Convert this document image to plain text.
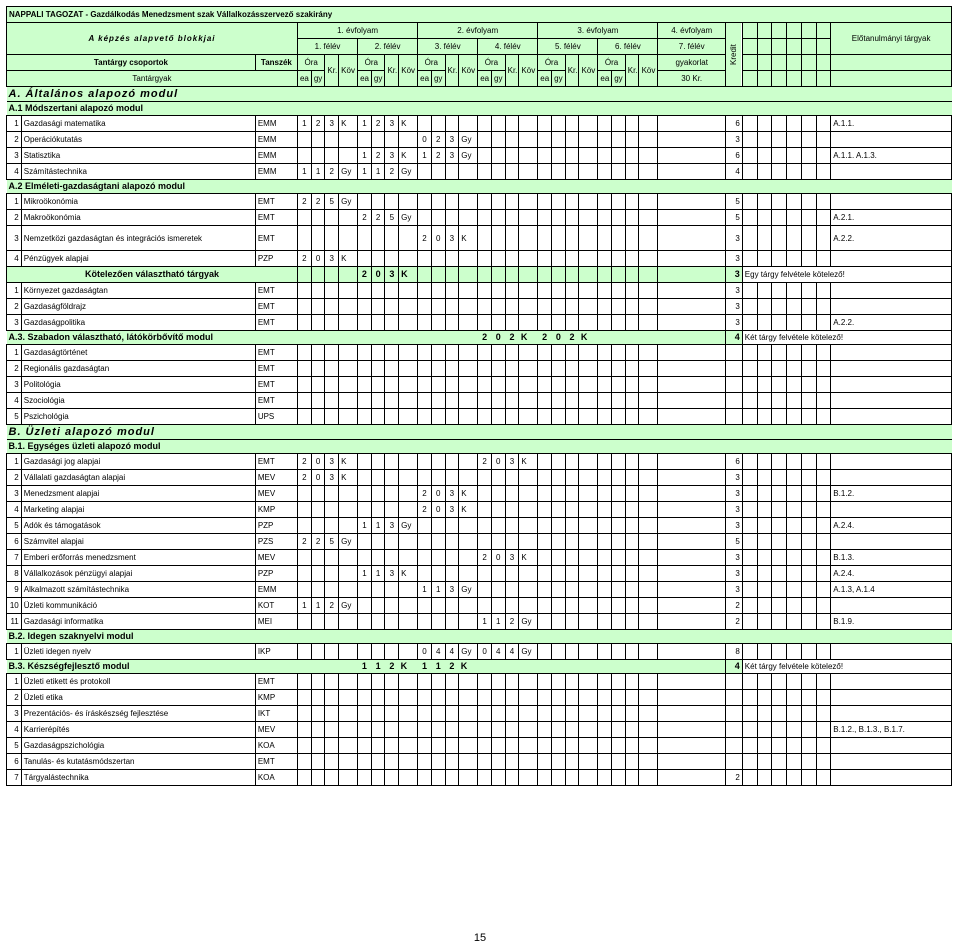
NAPPALI TAGOZAT - Gazdálkodás Menedzsment szak Vállalkozásszervező szakirány																																			
A képzés alapvető blokkjai			1. évfolyam								2. évfolyam								3. évfolyam								4. évfolyam	Kredit							Előtanulmányi tárgyak
			1. félév				2. félév				3. félév				4. félév				5. félév				6. félév				7. félév								
Tantárgy csoportok		Tanszék	Óra		Kr.	Köv	Óra		Kr.	Köv	Óra		Kr.	Köv	Óra		Kr.	Köv	Óra		Kr.	Köv	Óra		Kr.	Köv	gyakorlat								
Tantárgyak			ea	gy			ea	gy			ea	gy			ea	gy			ea	gy			ea	gy			30 Kr.								
A. Általános alapozó modul																																			
A.1 Módszertani alapozó modul																																			
1	Gazdasági matematika	EMM	1	2	3	K	1	2	3	K																		6							A.1.1.
2	Operációkutatás	EMM									0	2	3	Gy														3							
3	Statisztika	EMM					1	2	3	K	1	2	3	Gy														6							A.1.1. A.1.3.
4	Számítástechnika	EMM	1	1	2	Gy	1	1	2	Gy																		4							
A.2 Elméleti-gazdaságtani alapozó modul																																			
1	Mikroökonómia	EMT	2	2	5	Gy																						5							
2	Makroökonómia	EMT					2	2	5	Gy																		5							A.2.1.
3	Nemzetközi gazdaságtan és integrációs ismeretek	EMT									2	0	3	K														3							A.2.2.
4	Pénzügyek alapjai	PZP	2	0	3	K																						3							
Kötelezően választható tárgyak							2	0	3	K																		3	Egy tárgy felvétele kötelező!						
1	Környezet gazdaságtan	EMT																										3							
2	Gazdaságföldrajz	EMT																										3							
3	Gazdaságpolitika	EMT																										3							A.2.2.
A.3. Szabadon választható, látókörbővítő modul															2	0	2	K	2	0	2	K						4	Két tárgy felvétele kötelező!						
1	Gazdaságtörténet	EMT																																	
2	Regionális gazdaságtan	EMT																																	
3	Politológia	EMT																																	
4	Szociológia	EMT																																	
5	Pszichológia	UPS																																	
B. Üzleti alapozó modul																																			
B.1. Egységes üzleti alapozó modul																																			
1	Gazdasági jog alapjai	EMT	2	0	3	K									2	0	3	K										6							
2	Vállalati gazdaságtan alapjai	MEV	2	0	3	K																						3							
3	Menedzsment alapjai	MEV									2	0	3	K														3							B.1.2.
4	Marketing alapjai	KMP									2	0	3	K														3							
5	Adók és támogatások	PZP					1	1	3	Gy																		3							A.2.4.
6	Számvitel alapjai	PZS	2	2	5	Gy																						5							
7	Emberi erőforrás menedzsment	MEV													2	0	3	K										3							B.1.3.
8	Vállalkozások pénzügyi alapjai	PZP					1	1	3	K																		3							A.2.4.
9	Alkalmazott számítástechnika	EMM									1	1	3	Gy														3							A.1.3, A.1.4
10	Üzleti kommunikáció	KOT	1	1	2	Gy																						2							
11	Gazdasági informatika	MEI													1	1	2	Gy										2							B.1.9.
B.2. Idegen szaknyelvi modul																																			
1	Üzleti idegen nyelv	IKP									0	4	4	Gy	0	4	4	Gy										8							
B.3. Készségfejlesztő modul							1	1	2	K	1	1	2	K														4	Két tárgy felvétele kötelező!						
1	Üzleti etikett és protokoll	EMT																																	
2	Üzleti etika	KMP																																	
3	Prezentációs- és íráskészség fejlesztése	IKT																																	
4	Karrierépítés	MEV																																	B.1.2., B.1.3., B.1.7.
5	Gazdaságpszichológia	KOA																																	
6	Tanulás- és kutatásmódszertan	EMT																																	
7	Tárgyalástechnika	KOA																										2							
15
